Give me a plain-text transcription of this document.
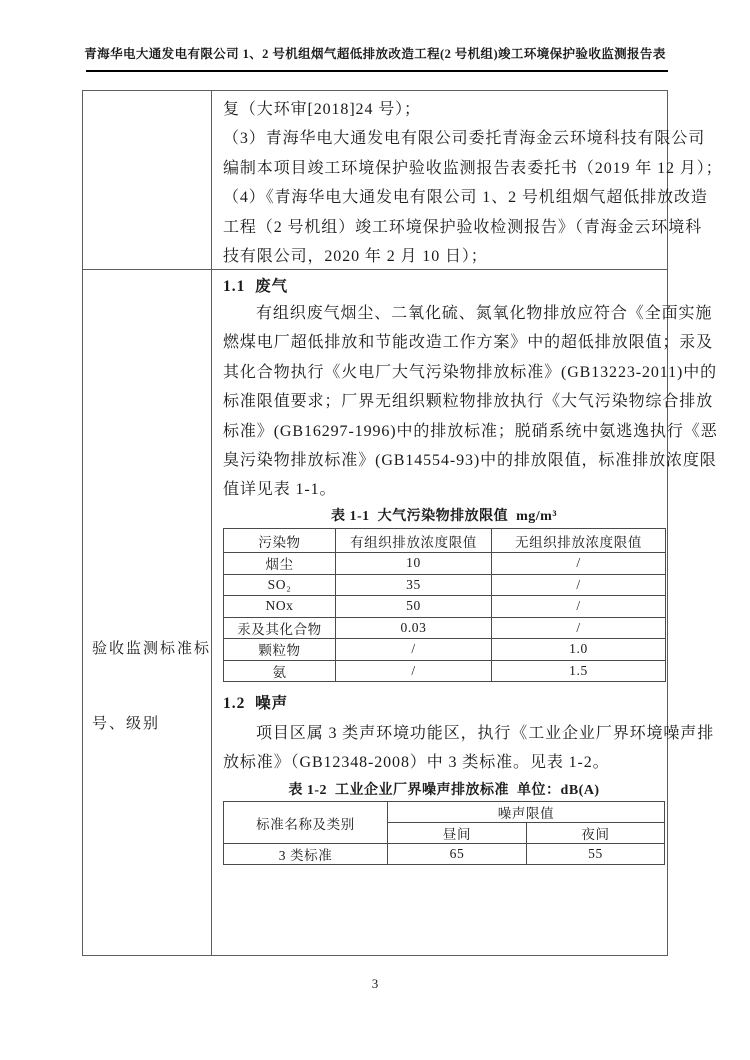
青海华电大通发电有限公司 1、2 号机组烟气超低排放改造工程(2 号机组)竣工环境保护验收监测报告表
复（大环审[2018]24 号）；
（3）青海华电大通发电有限公司委托青海金云环境科技有限公司
编制本项目竣工环境保护验收监测报告表委托书（2019 年 12 月）；
（4）《青海华电大通发电有限公司 1、2 号机组烟气超低排放改造
工程（2 号机组）竣工环境保护验收检测报告》（青海金云环境科
技有限公司，2020 年 2 月 10 日）；

验收监测标准标

号、级别

1.1  废气
有组织废气烟尘、二氧化硫、氮氧化物排放应符合《全面实施
燃煤电厂超低排放和节能改造工作方案》中的超低排放限值；汞及
其化合物执行《火电厂大气污染物排放标准》(GB13223-2011)中的
标准限值要求；厂界无组织颗粒物排放执行《大气污染物综合排放
标准》(GB16297-1996)中的排放标准；脱硝系统中氨逃逸执行《恶
臭污染物排放标准》(GB14554-93)中的排放限值，标准排放浓度限
值详见表 1-1。
表 1-1  大气污染物排放限值  mg/m³
污染物	有组织排放浓度限值	无组织排放浓度限值
烟尘	10	/
SO₂	35	/
NOx	50	/
汞及其化合物	0.03	/
颗粒物	/	1.0
氨	/	1.5
1.2  噪声
项目区属 3 类声环境功能区，执行《工业企业厂界环境噪声排
放标准》（GB12348-2008）中 3 类标准。见表 1-2。
表 1-2  工业企业厂界噪声排放标准  单位：dB(A)
标准名称及类别	噪声限值	
	昼间	夜间
3 类标准	65	55
3
